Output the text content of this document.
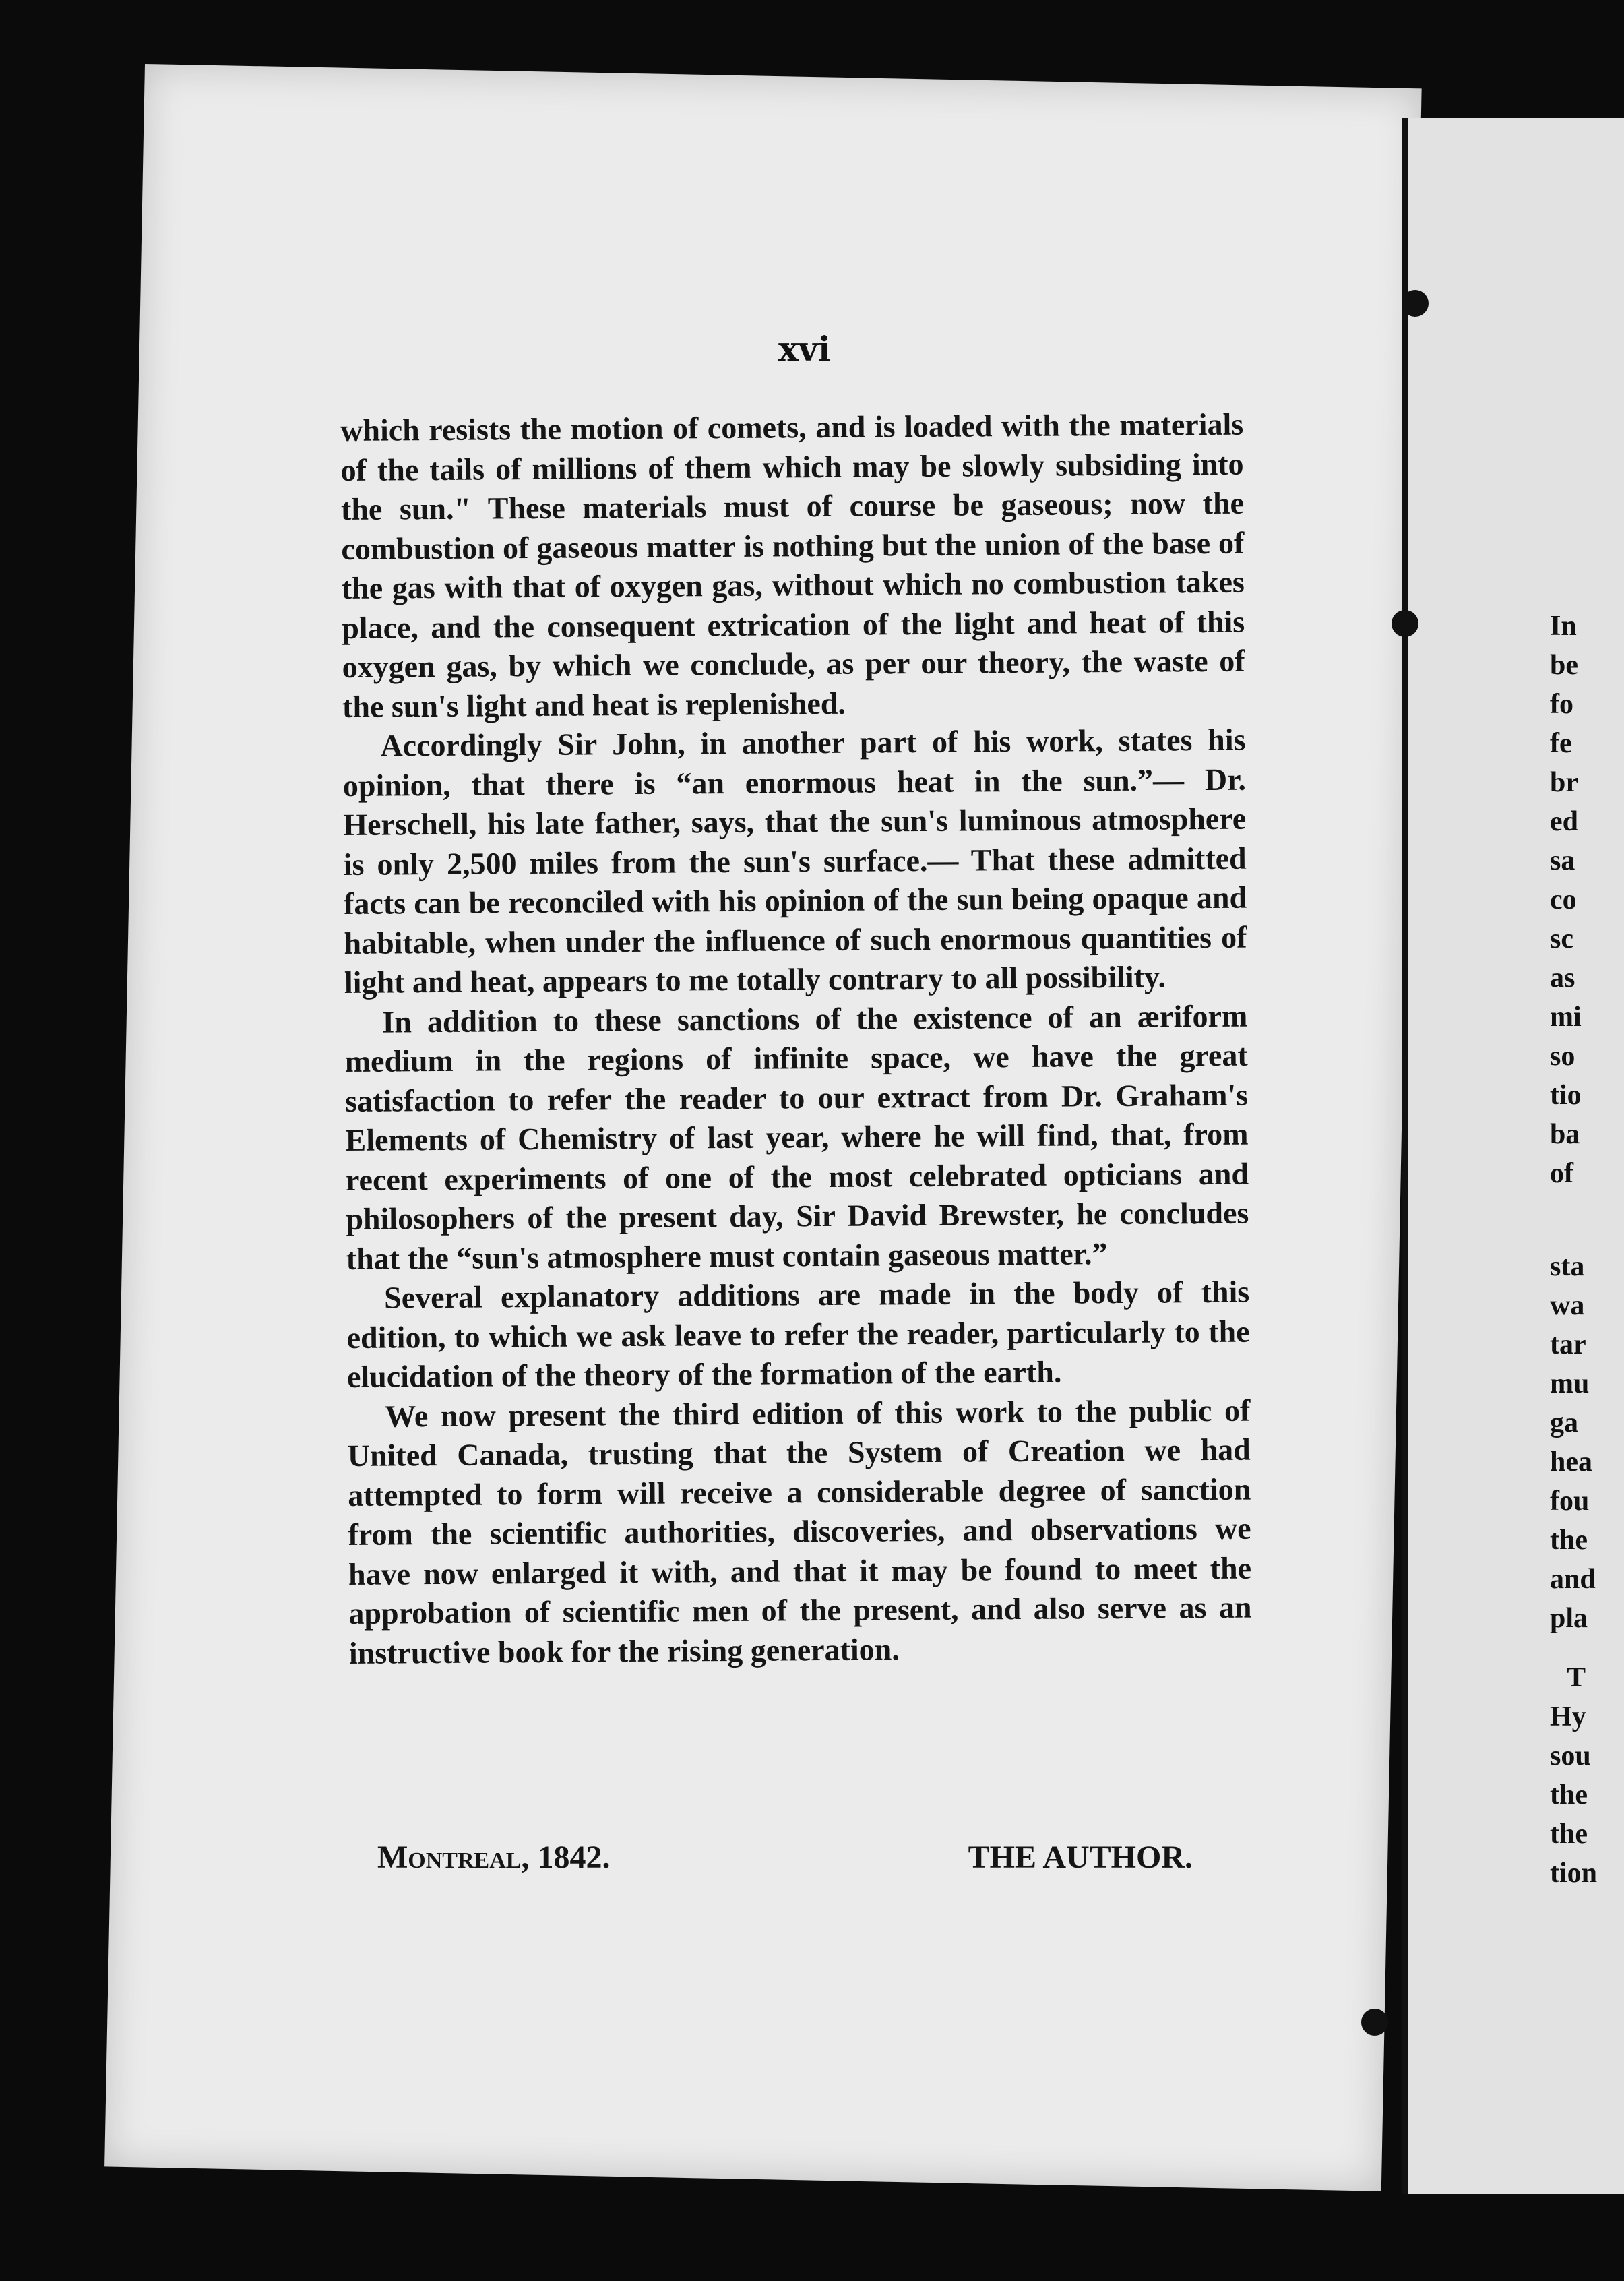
xvi

which resists the motion of comets, and is loaded with the materials of the tails of millions of them which may be slowly subsiding into the sun." These materials must of course be gaseous; now the combustion of gaseous matter is nothing but the union of the base of the gas with that of oxygen gas, without which no combustion takes place, and the consequent extrication of the light and heat of this oxygen gas, by which we conclude, as per our theory, the waste of the sun's light and heat is replenished.

Accordingly Sir John, in another part of his work, states his opinion, that there is “an enormous heat in the sun.”— Dr. Herschell, his late father, says, that the sun's luminous atmosphere is only 2,500 miles from the sun's surface.— That these admitted facts can be reconciled with his opinion of the sun being opaque and habitable, when under the influence of such enormous quantities of light and heat, appears to me totally contrary to all possibility.

In addition to these sanctions of the existence of an æriform medium in the regions of infinite space, we have the great satisfaction to refer the reader to our extract from Dr. Graham's Elements of Chemistry of last year, where he will find, that, from recent experiments of one of the most celebrated opticians and philosophers of the present day, Sir David Brewster, he concludes that the “sun's atmosphere must contain gaseous matter.”

Several explanatory additions are made in the body of this edition, to which we ask leave to refer the reader, particularly to the elucidation of the theory of the formation of the earth.

We now present the third edition of this work to the public of United Canada, trusting that the System of Creation we had attempted to form will receive a considerable degree of sanction from the scientific authorities, discoveries, and observations we have now enlarged it with, and that it may be found to meet the approbation of scientific men of the present, and also serve as an instructive book for the rising generation.

Montreal, 1842.	THE AUTHOR.
In
be
fo
fe
br
ed
sa
co
sc
as
mi
so
tio
ba
of
sta
wa
tar
mu
ga
hea
fou
the
and
pla
T
Hy
sou
the
the
tion
